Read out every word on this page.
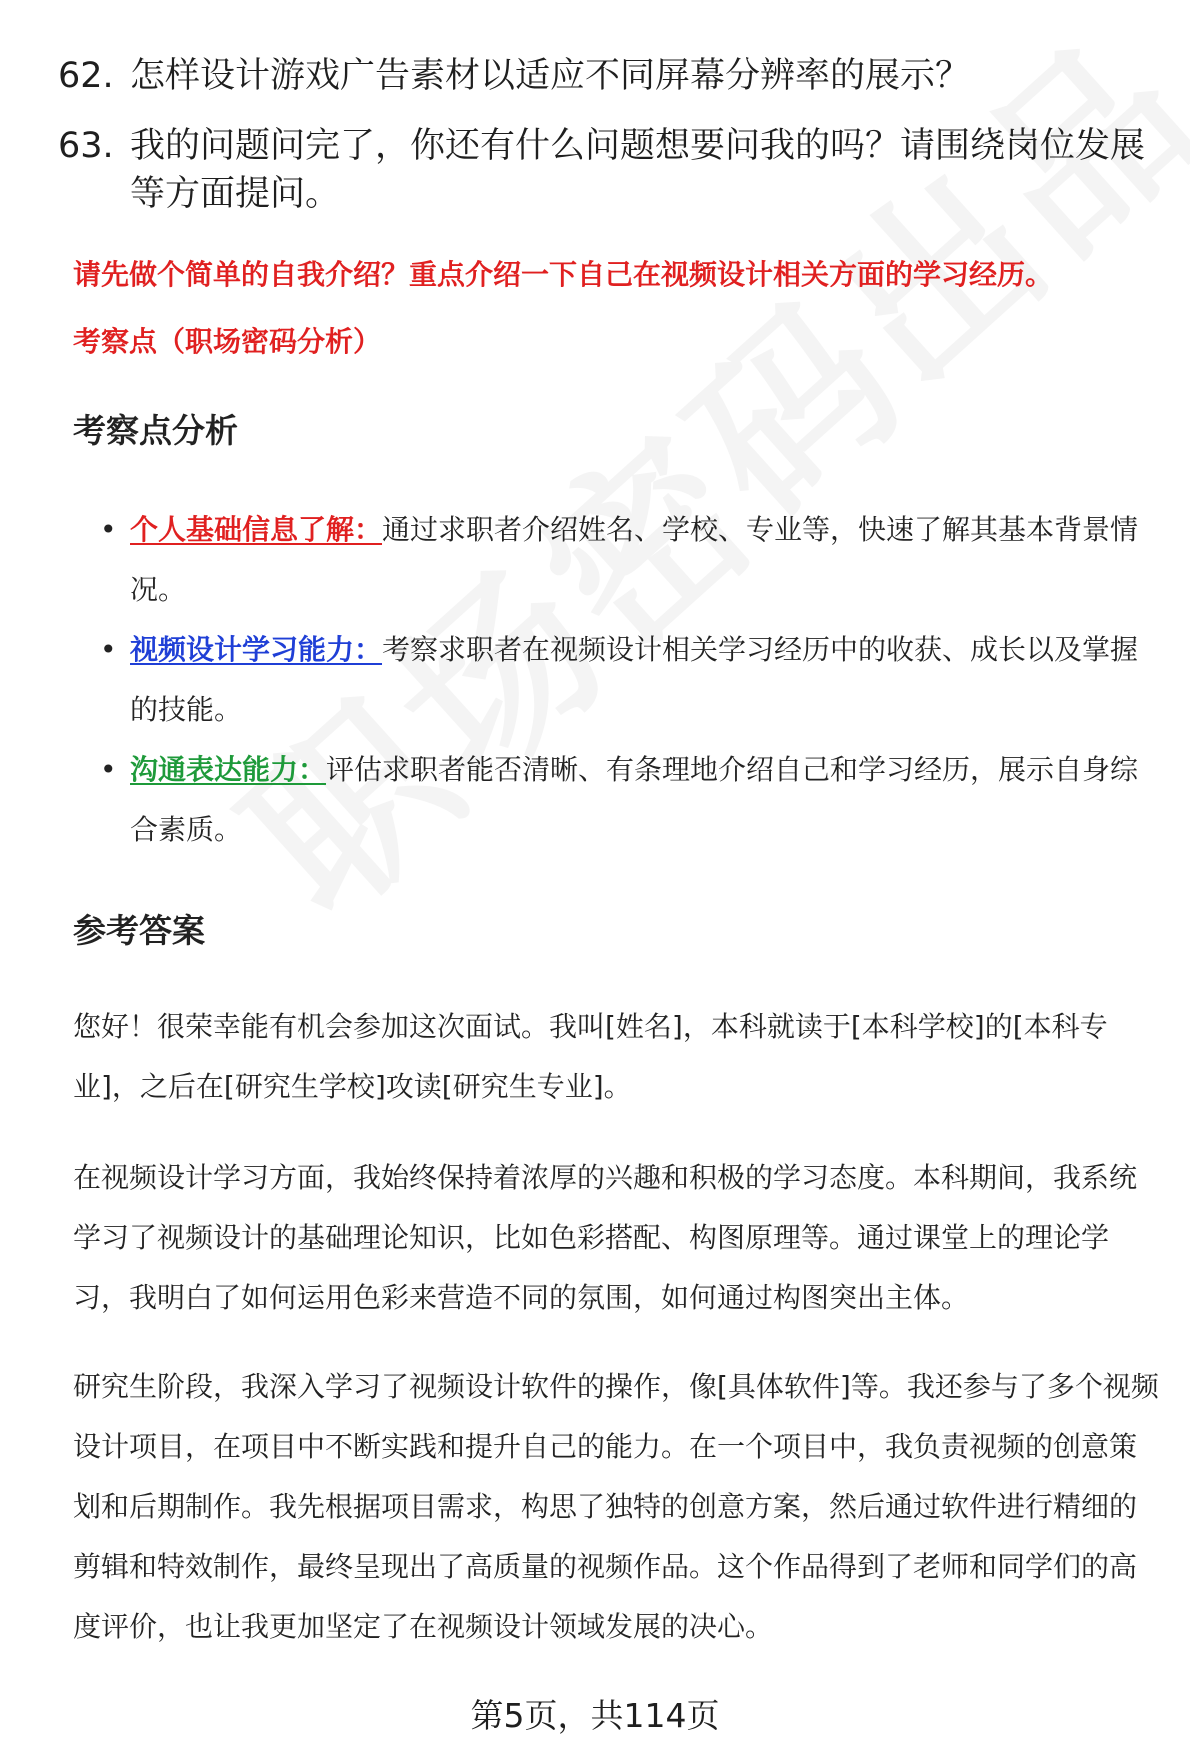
62. 怎样设计游戏广告素材以适应不同屏幕分辨率的展示？
63. 我的问题问完了，你还有什么问题想要问我的吗？请围绕岗位发展等方面提问。
请先做个简单的自我介绍？重点介绍一下自己在视频设计相关方面的学习经历。
考察点（职场密码分析）
考察点分析
• 个人基础信息了解：通过求职者介绍姓名、学校、专业等，快速了解其基本背景情况。
• 视频设计学习能力：考察求职者在视频设计相关学习经历中的收获、成长以及掌握的技能。
• 沟通表达能力：评估求职者能否清晰、有条理地介绍自己和学习经历，展示自身综合素质。
参考答案

您好！很荣幸能有机会参加这次面试。我叫[姓名]，本科就读于[本科学校]的[本科专业]，之后在[研究生学校]攻读[研究生专业]。

在视频设计学习方面，我始终保持着浓厚的兴趣和积极的学习态度。本科期间，我系统学习了视频设计的基础理论知识，比如色彩搭配、构图原理等。通过课堂上的理论学习，我明白了如何运用色彩来营造不同的氛围，如何通过构图突出主体。

研究生阶段，我深入学习了视频设计软件的操作，像[具体软件]等。我还参与了多个视频设计项目，在项目中不断实践和提升自己的能力。在一个项目中，我负责视频的创意策划和后期制作。我先根据项目需求，构思了独特的创意方案，然后通过软件进行精细的剪辑和特效制作，最终呈现出了高质量的视频作品。这个作品得到了老师和同学们的高度评价，也让我更加坚定了在视频设计领域发展的决心。

第5页，共114页
